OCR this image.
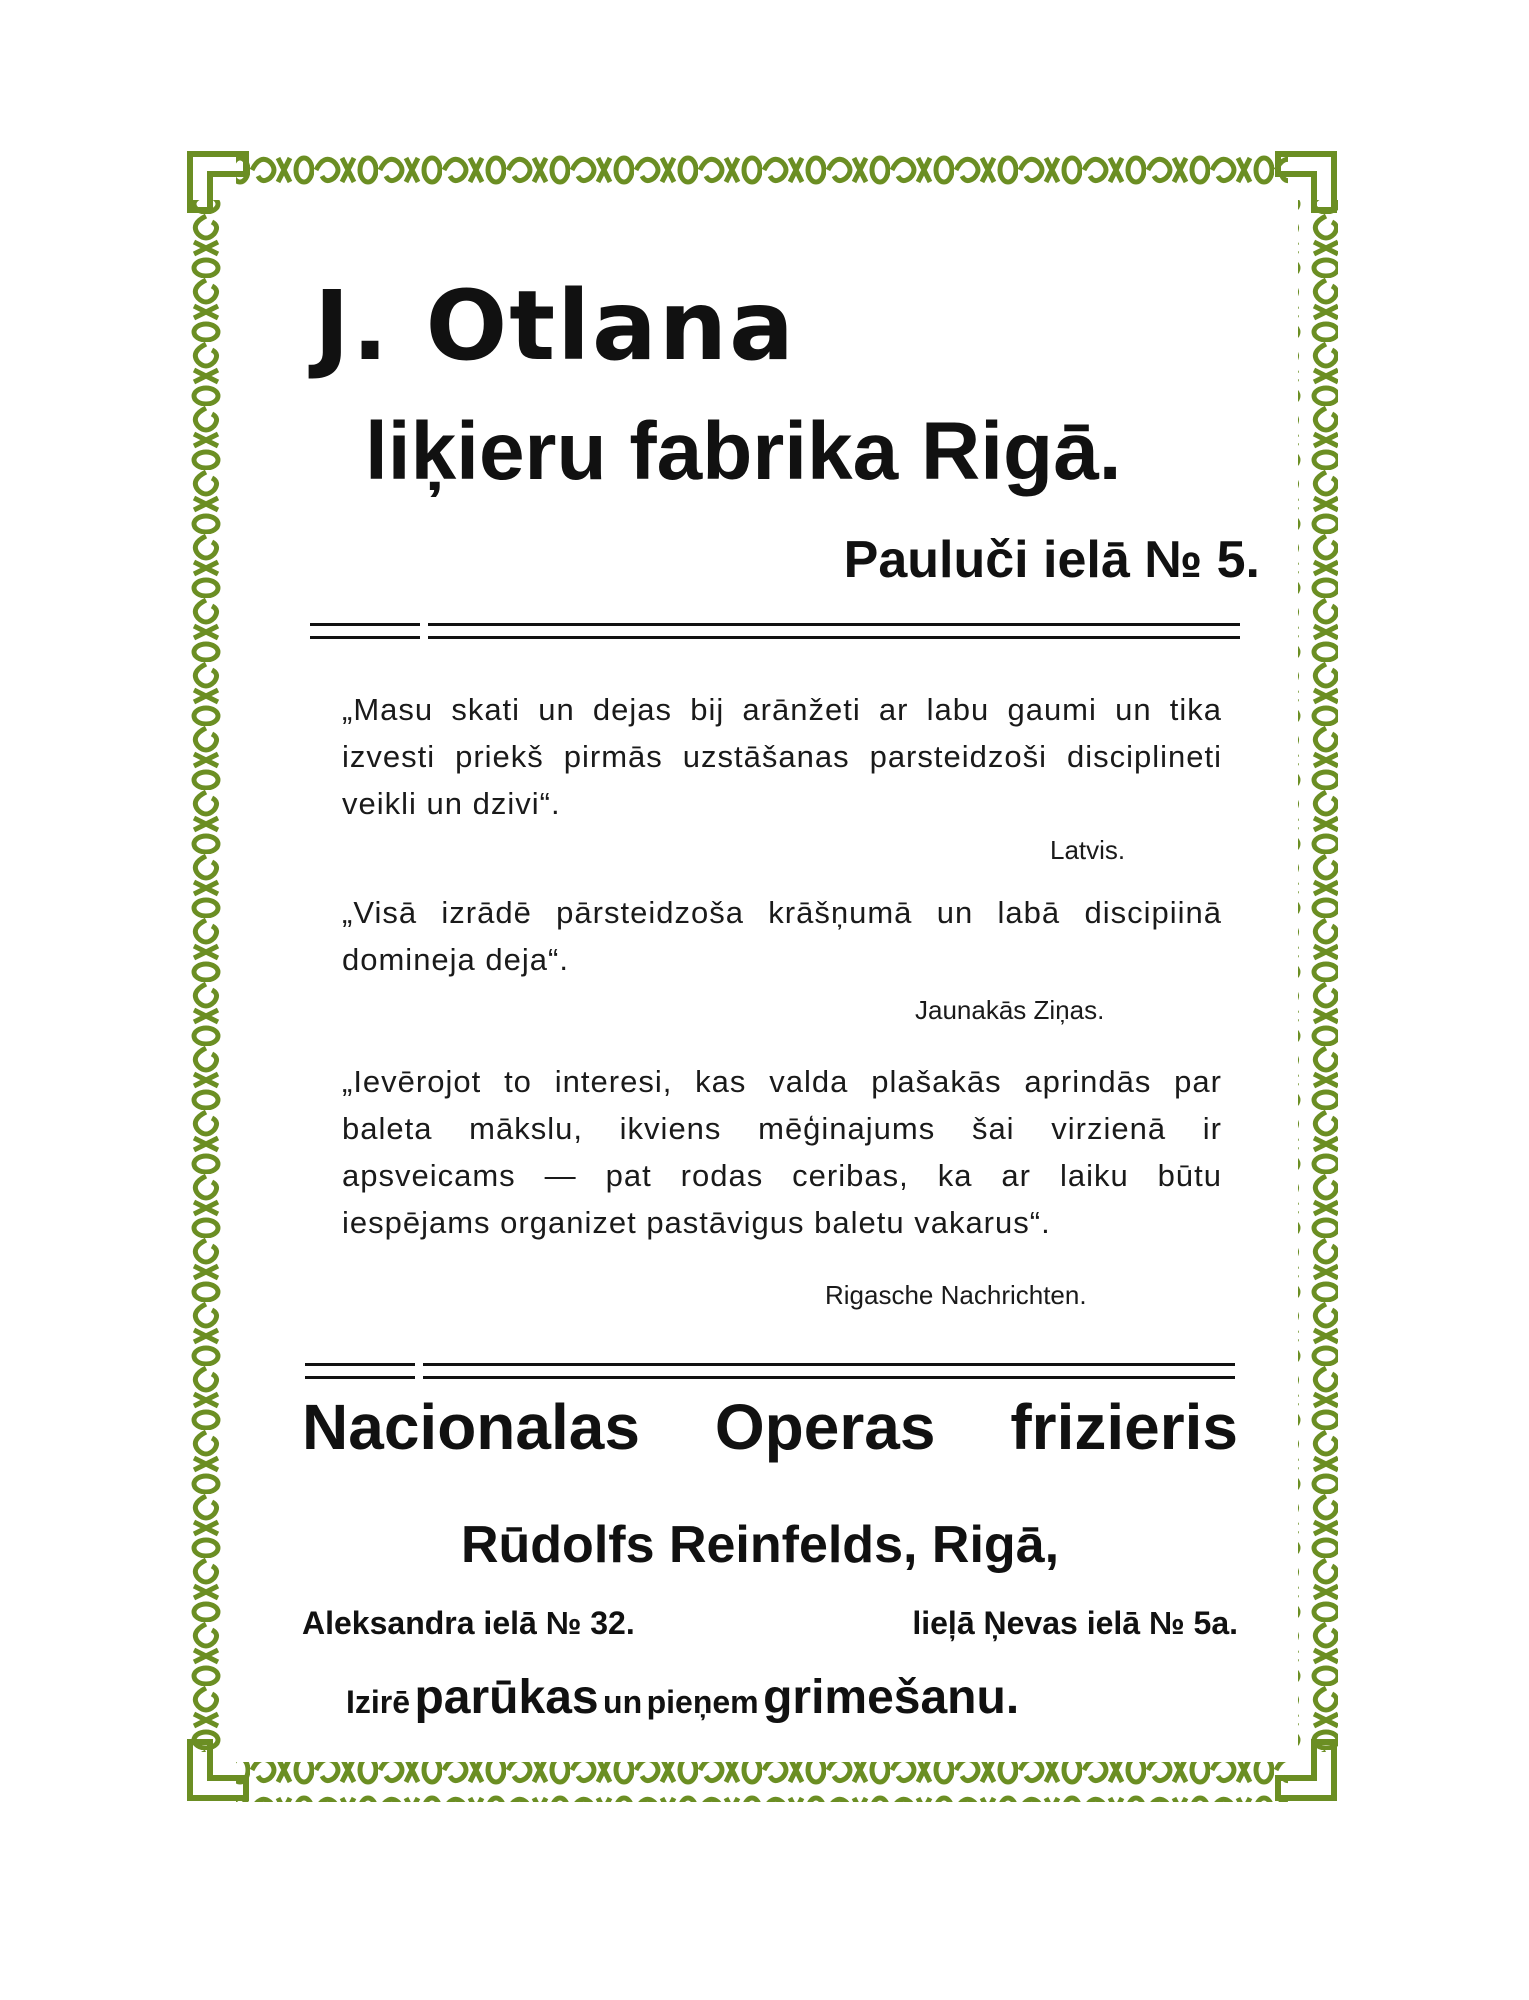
J. Otlana
liķieru fabrika Rigā.
Pauluči ielā № 5.
„Masu skati un dejas bij arānžeti ar labu gaumi un tika izvesti priekš pirmās uzstāšanas parsteidzoši disciplineti veikli un dzivi“.
Latvis.
„Visā izrādē pārsteidzoša krāšņumā un labā discipiinā domineja deja“.
Jaunakās Ziņas.
„Ievērojot to interesi, kas valda plašakās aprindās par baleta mākslu, ikviens mēģinajums šai virzienā ir apsveicams — pat rodas ceribas, ka ar laiku būtu iespējams organizet pastāvigus baletu vakarus“.
Rigasche Nachrichten.
Nacionalas Operas frizieris
Rūdolfs Reinfelds, Rigā,
Aleksandra ielā № 32.	lieļā Ņevas ielā № 5a.
Izirē parūkas un pieņem grimešanu.
